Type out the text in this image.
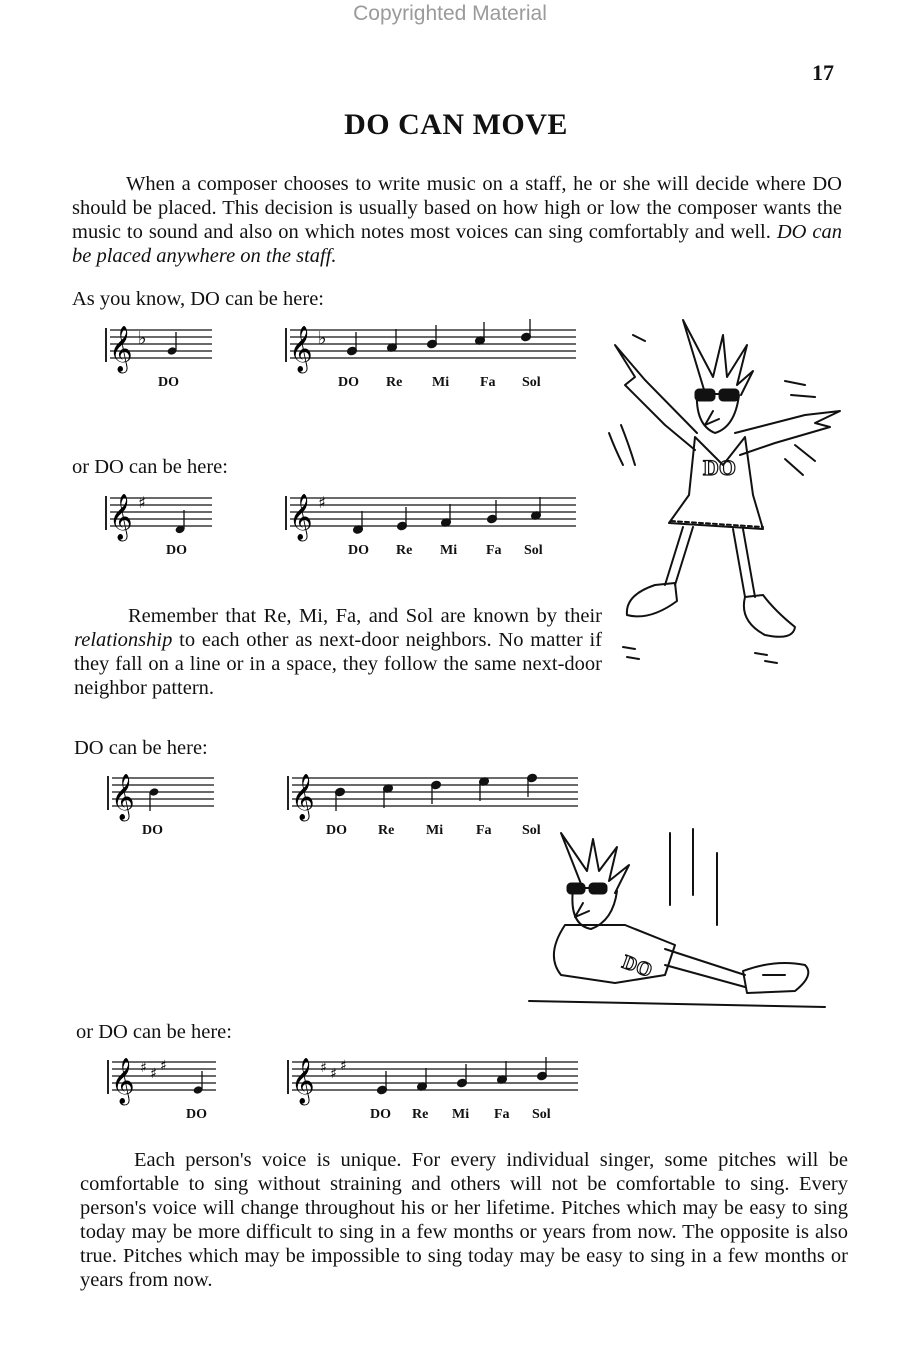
Copyrighted Material
17
DO CAN MOVE
When a composer chooses to write music on a staff, he or she will decide where DO should be placed. This decision is usually based on how high or low the composer wants the music to sound and also on which notes most voices can sing comfortably and well. DO can be placed anywhere on the staff.
As you know, DO can be here:
𝄞 ♭
DO
𝄞 ♭
DO Re Mi Fa Sol
or DO can be here:
𝄞 ♯
DO
𝄞 ♯
DO Re Mi Fa Sol
Remember that Re, Mi, Fa, and Sol are known by their relationship to each other as next-door neighbors. No matter if they fall on a line or in a space, they follow the same next-door neighbor pattern.
DO can be here:
𝄞
DO
𝄞
DO Re Mi Fa Sol
or DO can be here:
𝄞 ♯ ♯ ♯
DO
𝄞 ♯ ♯ ♯
DO Re Mi Fa Sol
Each person's voice is unique. For every individual singer, some pitches will be comfortable to sing without straining and others will not be comfortable to sing. Every person's voice will change throughout his or her lifetime. Pitches which may be easy to sing today may be more difficult to sing in a few months or years from now. The opposite is also true. Pitches which may be impossible to sing today may be easy to sing in a few months or years from now.
DO
DO
